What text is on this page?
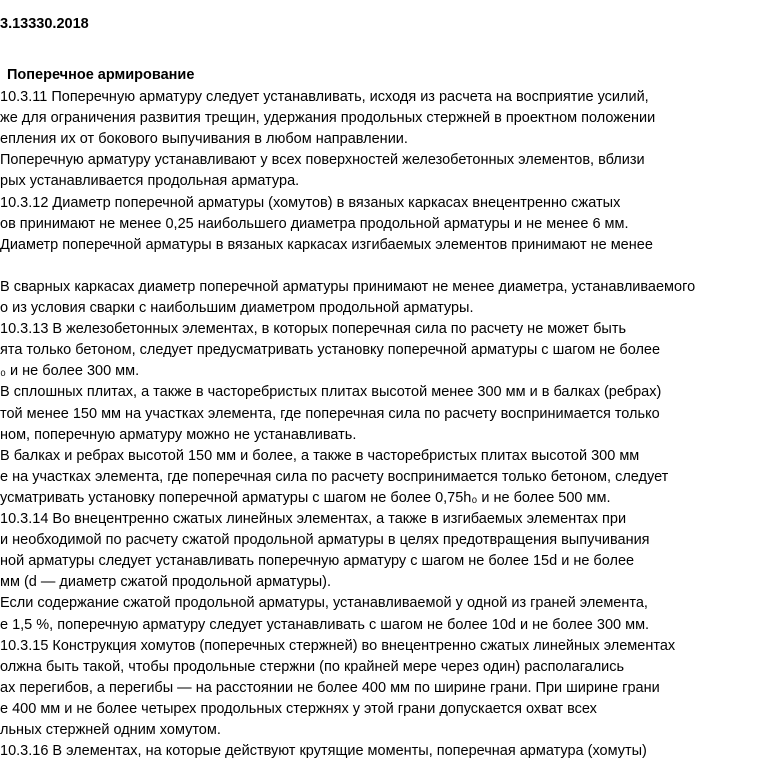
3.13330.2018
Поперечное армирование
10.3.11 Поперечную арматуру следует устанавливать, исходя из расчета на восприятие усилий,
же для ограничения развития трещин, удержания продольных стержней в проектном положении
епления их от бокового выпучивания в любом направлении.
Поперечную арматуру устанавливают у всех поверхностей железобетонных элементов, вблизи
рых устанавливается продольная арматура.
10.3.12 Диаметр поперечной арматуры (хомутов) в вязаных каркасах внецентренно сжатых
ов принимают не менее 0,25 наибольшего диаметра продольной арматуры и не менее 6 мм.
Диаметр поперечной арматуры в вязаных каркасах изгибаемых элементов принимают не менее
В сварных каркасах диаметр поперечной арматуры принимают не менее диаметра, устанавливаемого
о из условия сварки с наибольшим диаметром продольной арматуры.
10.3.13 В железобетонных элементах, в которых поперечная сила по расчету не может быть
ята только бетоном, следует предусматривать установку поперечной арматуры с шагом не более
₀ и не более 300 мм.
В сплошных плитах, а также в часторебристых плитах высотой менее 300 мм и в балках (ребрах)
той менее 150 мм на участках элемента, где поперечная сила по расчету воспринимается только
ном, поперечную арматуру можно не устанавливать.
В балках и ребрах высотой 150 мм и более, а также в часторебристых плитах высотой 300 мм
е на участках элемента, где поперечная сила по расчету воспринимается только бетоном, следует
усматривать установку поперечной арматуры с шагом не более 0,75h₀ и не более 500 мм.
10.3.14 Во внецентренно сжатых линейных элементах, а также в изгибаемых элементах при
и необходимой по расчету сжатой продольной арматуры в целях предотвращения выпучивания
ной арматуры следует устанавливать поперечную арматуру с шагом не более 15d и не более
мм (d — диаметр сжатой продольной арматуры).
Если содержание сжатой продольной арматуры, устанавливаемой у одной из граней элемента,
е 1,5 %, поперечную арматуру следует устанавливать с шагом не более 10d и не более 300 мм.
10.3.15 Конструкция хомутов (поперечных стержней) во внецентренно сжатых линейных элементах
олжна быть такой, чтобы продольные стержни (по крайней мере через один) располагались
ах перегибов, а перегибы — на расстоянии не более 400 мм по ширине грани. При ширине грани
е 400 мм и не более четырех продольных стержнях у этой грани допускается охват всех
льных стержней одним хомутом.
10.3.16 В элементах, на которые действуют крутящие моменты, поперечная арматура (хомуты)
